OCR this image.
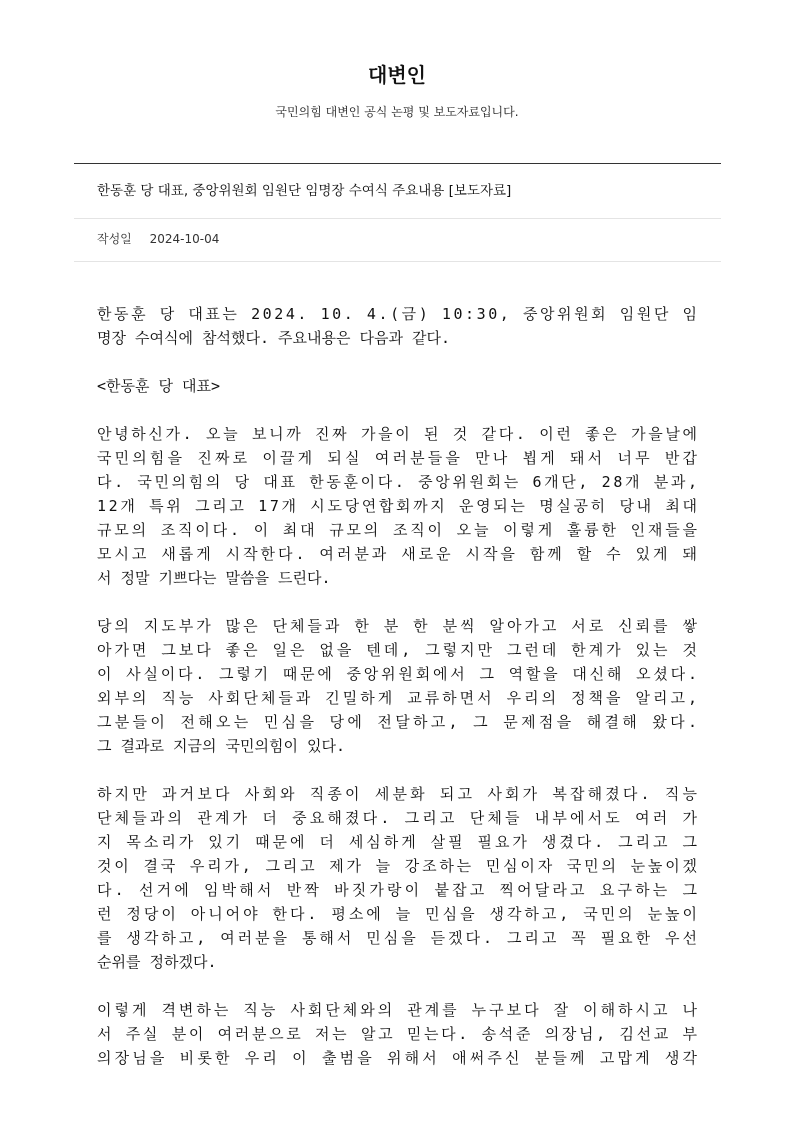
대변인

국민의힘 대변인 공식 논평 및 보도자료입니다.

한동훈 당 대표, 중앙위원회 임원단 임명장 수여식 주요내용 [보도자료]
작성일 2024-10-04

한동훈 당 대표는 2024. 10. 4.(금) 10:30, 중앙위원회 임원단 임
명장 수여식에 참석했다. 주요내용은 다음과 같다.

<한동훈 당 대표>

안녕하신가. 오늘 보니까 진짜 가을이 된 것 같다. 이런 좋은 가을날에
국민의힘을 진짜로 이끌게 되실 여러분들을 만나 뵙게 돼서 너무 반갑
다. 국민의힘의 당 대표 한동훈이다. 중앙위원회는 6개단, 28개 분과,
12개 특위 그리고 17개 시도당연합회까지 운영되는 명실공히 당내 최대
규모의 조직이다. 이 최대 규모의 조직이 오늘 이렇게 훌륭한 인재들을
모시고 새롭게 시작한다. 여러분과 새로운 시작을 함께 할 수 있게 돼
서 정말 기쁘다는 말씀을 드린다.

당의 지도부가 많은 단체들과 한 분 한 분씩 알아가고 서로 신뢰를 쌓
아가면 그보다 좋은 일은 없을 텐데, 그렇지만 그런데 한계가 있는 것
이 사실이다. 그렇기 때문에 중앙위원회에서 그 역할을 대신해 오셨다.
외부의 직능 사회단체들과 긴밀하게 교류하면서 우리의 정책을 알리고,
그분들이 전해오는 민심을 당에 전달하고, 그 문제점을 해결해 왔다.
그 결과로 지금의 국민의힘이 있다.

하지만 과거보다 사회와 직종이 세분화 되고 사회가 복잡해졌다. 직능
단체들과의 관계가 더 중요해졌다. 그리고 단체들 내부에서도 여러 가
지 목소리가 있기 때문에 더 세심하게 살필 필요가 생겼다. 그리고 그
것이 결국 우리가, 그리고 제가 늘 강조하는 민심이자 국민의 눈높이겠
다. 선거에 임박해서 반짝 바짓가랑이 붙잡고 찍어달라고 요구하는 그
런 정당이 아니어야 한다. 평소에 늘 민심을 생각하고, 국민의 눈높이
를 생각하고, 여러분을 통해서 민심을 듣겠다. 그리고 꼭 필요한 우선
순위를 정하겠다.

이렇게 격변하는 직능 사회단체와의 관계를 누구보다 잘 이해하시고 나
서 주실 분이 여러분으로 저는 알고 믿는다. 송석준 의장님, 김선교 부
의장님을 비롯한 우리 이 출범을 위해서 애써주신 분들께 고맙게 생각
